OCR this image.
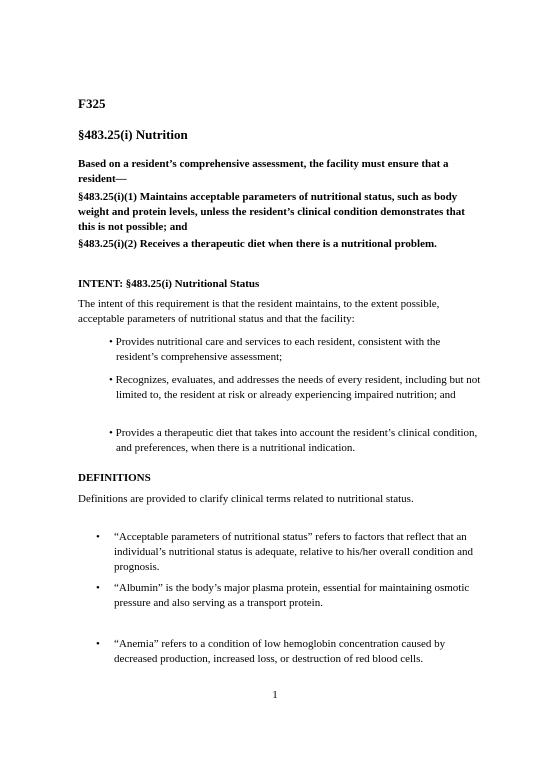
F325

§483.25(i) Nutrition

Based on a resident’s comprehensive assessment, the facility must ensure that a resident—

§483.25(i)(1) Maintains acceptable parameters of nutritional status, such as body weight and protein levels, unless the resident’s clinical condition demonstrates that this is not possible; and

§483.25(i)(2) Receives a therapeutic diet when there is a nutritional problem.

INTENT: §483.25(i) Nutritional Status

The intent of this requirement is that the resident maintains, to the extent possible, acceptable parameters of nutritional status and that the facility:

• Provides nutritional care and services to each resident, consistent with the resident’s comprehensive assessment;
• Recognizes, evaluates, and addresses the needs of every resident, including but not limited to, the resident at risk or already experiencing impaired nutrition; and
• Provides a therapeutic diet that takes into account the resident’s clinical condition, and preferences, when there is a nutritional indication.

DEFINITIONS

Definitions are provided to clarify clinical terms related to nutritional status.

• “Acceptable parameters of nutritional status” refers to factors that reflect that an individual’s nutritional status is adequate, relative to his/her overall condition and prognosis.

• “Albumin” is the body’s major plasma protein, essential for maintaining osmotic pressure and also serving as a transport protein.

• “Anemia” refers to a condition of low hemoglobin concentration caused by decreased production, increased loss, or destruction of red blood cells.

1
